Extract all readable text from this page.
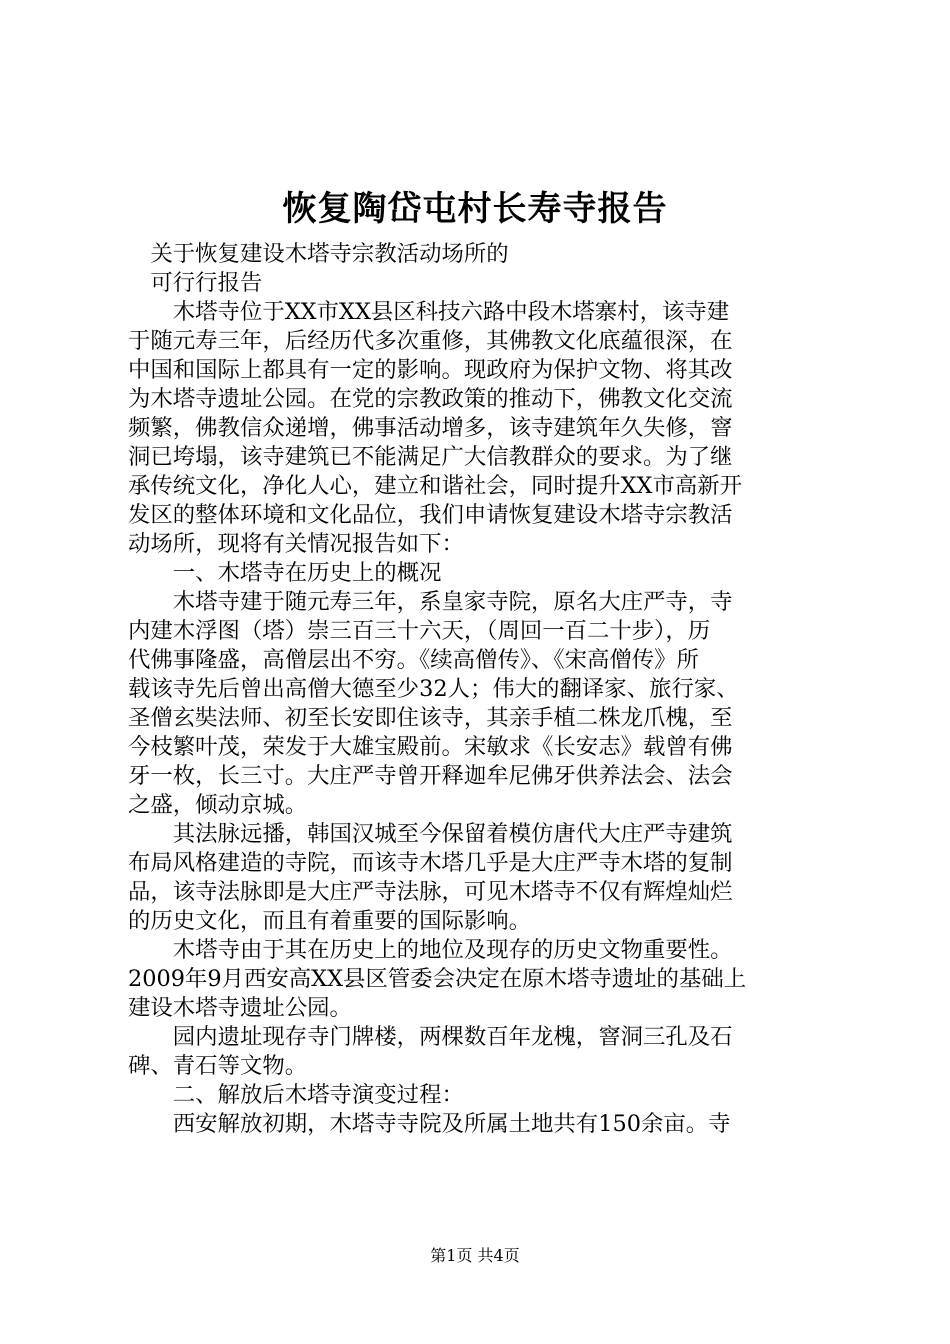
恢复陶岱屯村长寿寺报告
　关于恢复建设木塔寺宗教活动场所的
　可行行报告
　　木塔寺位于XX市XX县区科技六路中段木塔寨村，该寺建
于随元寿三年，后经历代多次重修，其佛教文化底蕴很深，在
中国和国际上都具有一定的影响。现政府为保护文物、将其改
为木塔寺遗址公园。在党的宗教政策的推动下，佛教文化交流
频繁，佛教信众递增，佛事活动增多，该寺建筑年久失修，窨
洞已垮塌，该寺建筑已不能满足广大信教群众的要求。为了继
承传统文化，净化人心，建立和谐社会，同时提升XX市高新开
发区的整体环境和文化品位，我们申请恢复建设木塔寺宗教活
动场所，现将有关情况报告如下：
　　一、木塔寺在历史上的概况
　　木塔寺建于随元寿三年，系皇家寺院，原名大庄严寺，寺
内建木浮图（塔）崇三百三十六天，（周回一百二十步），历
代佛事隆盛，高僧层出不穷。《续高僧传》、《宋高僧传》所
载该寺先后曾出高僧大德至少32人；伟大的翻译家、旅行家、
圣僧玄奘法师、初至长安即住该寺，其亲手植二株龙爪槐，至
今枝繁叶茂，荣发于大雄宝殿前。宋敏求《长安志》载曾有佛
牙一枚，长三寸。大庄严寺曾开释迦牟尼佛牙供养法会、法会
之盛，倾动京城。
　　其法脉远播，韩国汉城至今保留着模仿唐代大庄严寺建筑
布局风格建造的寺院，而该寺木塔几乎是大庄严寺木塔的复制
品，该寺法脉即是大庄严寺法脉，可见木塔寺不仅有辉煌灿烂
的历史文化，而且有着重要的国际影响。
　　木塔寺由于其在历史上的地位及现存的历史文物重要性。
2009年9月西安高XX县区管委会决定在原木塔寺遗址的基础上
建设木塔寺遗址公园。
　　园内遗址现存寺门牌楼，两棵数百年龙槐，窨洞三孔及石
碑、青石等文物。
　　二、解放后木塔寺演变过程：
　　西安解放初期，木塔寺寺院及所属土地共有150余亩。寺
第1页 共4页
